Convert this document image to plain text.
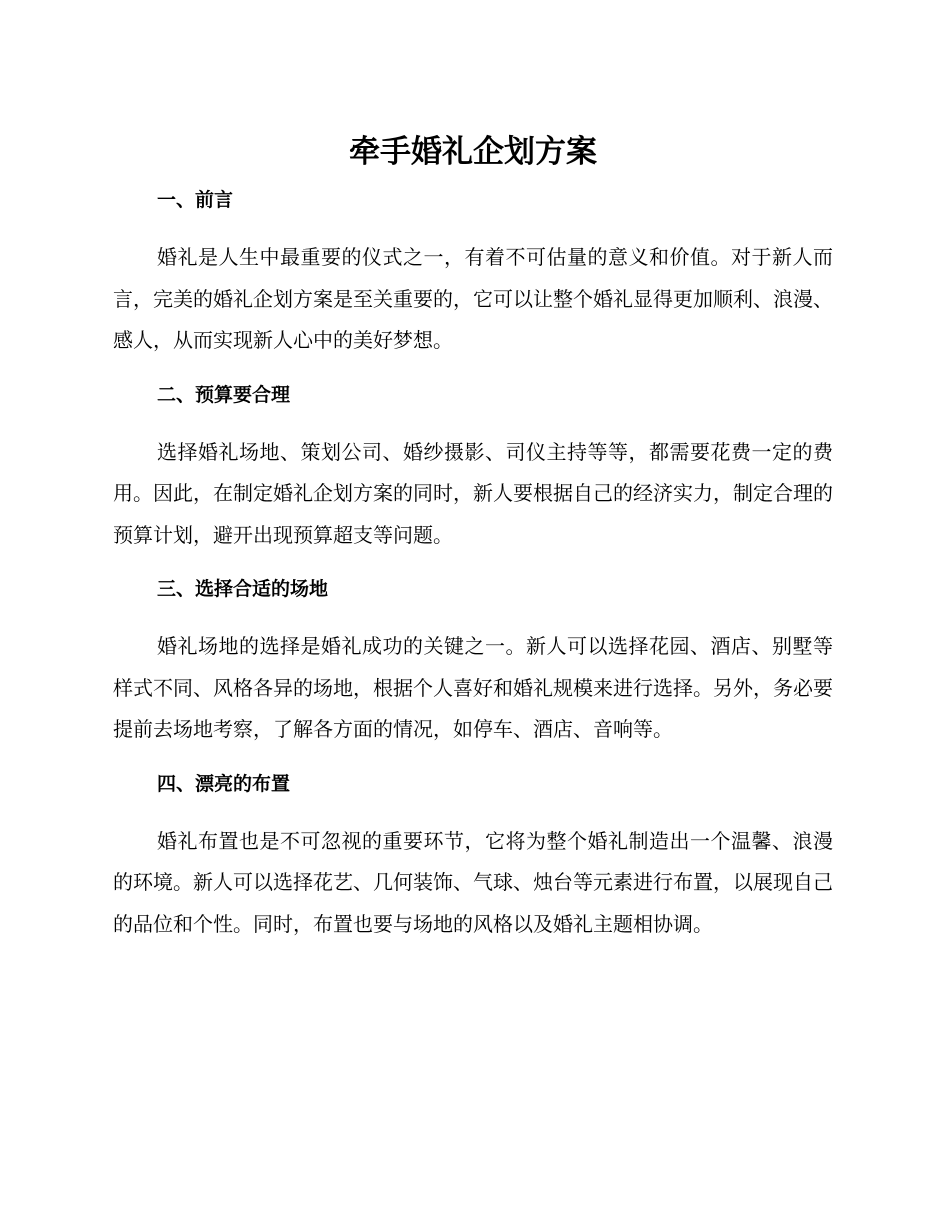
牵手婚礼企划方案
一、前言

婚礼是人生中最重要的仪式之一，有着不可估量的意义和价值。对于新人而言，完美的婚礼企划方案是至关重要的，它可以让整个婚礼显得更加顺利、浪漫、感人，从而实现新人心中的美好梦想。

二、预算要合理

选择婚礼场地、策划公司、婚纱摄影、司仪主持等等，都需要花费一定的费用。因此，在制定婚礼企划方案的同时，新人要根据自己的经济实力，制定合理的预算计划，避开出现预算超支等问题。

三、选择合适的场地

婚礼场地的选择是婚礼成功的关键之一。新人可以选择花园、酒店、别墅等样式不同、风格各异的场地，根据个人喜好和婚礼规模来进行选择。另外，务必要提前去场地考察，了解各方面的情况，如停车、酒店、音响等。

四、漂亮的布置

婚礼布置也是不可忽视的重要环节，它将为整个婚礼制造出一个温馨、浪漫的环境。新人可以选择花艺、几何装饰、气球、烛台等元素进行布置，以展现自己的品位和个性。同时，布置也要与场地的风格以及婚礼主题相协调。
